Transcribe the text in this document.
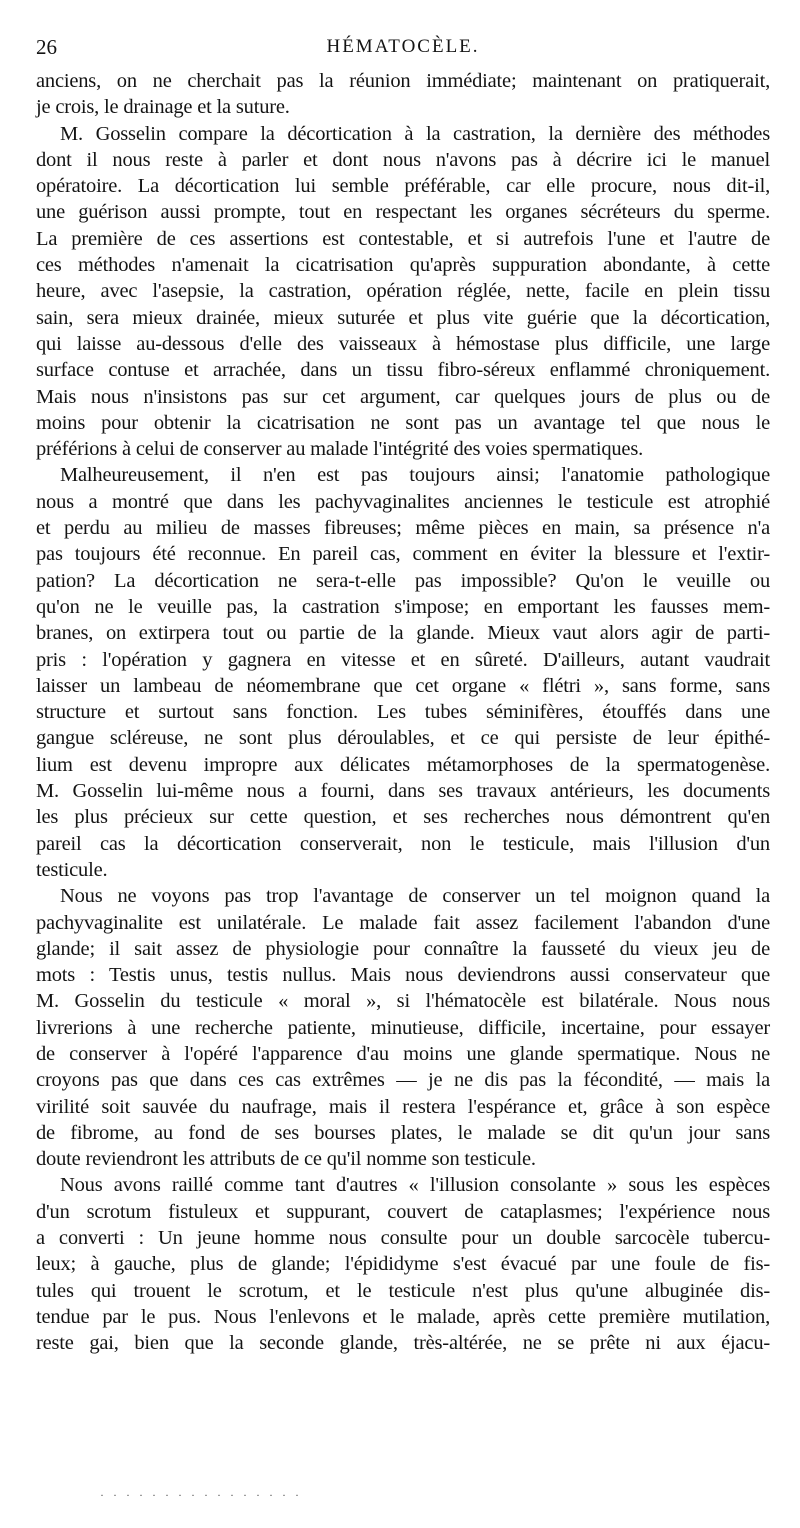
26	HÉMATOCÈLE.
anciens, on ne cherchait pas la réunion immédiate; maintenant on pratiquerait,
je crois, le drainage et la suture.
M. Gosselin compare la décortication à la castration, la dernière des méthodes
dont il nous reste à parler et dont nous n'avons pas à décrire ici le manuel
opératoire. La décortication lui semble préférable, car elle procure, nous dit-il,
une guérison aussi prompte, tout en respectant les organes sécréteurs du sperme.
La première de ces assertions est contestable, et si autrefois l'une et l'autre de
ces méthodes n'amenait la cicatrisation qu'après suppuration abondante, à cette
heure, avec l'asepsie, la castration, opération réglée, nette, facile en plein tissu
sain, sera mieux drainée, mieux suturée et plus vite guérie que la décortication,
qui laisse au-dessous d'elle des vaisseaux à hémostase plus difficile, une large
surface contuse et arrachée, dans un tissu fibro-séreux enflammé chroniquement.
Mais nous n'insistons pas sur cet argument, car quelques jours de plus ou de
moins pour obtenir la cicatrisation ne sont pas un avantage tel que nous le
préférions à celui de conserver au malade l'intégrité des voies spermatiques.
Malheureusement, il n'en est pas toujours ainsi; l'anatomie pathologique
nous a montré que dans les pachyvaginalites anciennes le testicule est atrophié
et perdu au milieu de masses fibreuses; même pièces en main, sa présence n'a
pas toujours été reconnue. En pareil cas, comment en éviter la blessure et l'extir-
pation? La décortication ne sera-t-elle pas impossible? Qu'on le veuille ou
qu'on ne le veuille pas, la castration s'impose; en emportant les fausses mem-
branes, on extirpera tout ou partie de la glande. Mieux vaut alors agir de parti-
pris : l'opération y gagnera en vitesse et en sûreté. D'ailleurs, autant vaudrait
laisser un lambeau de néomembrane que cet organe « flétri », sans forme, sans
structure et surtout sans fonction. Les tubes séminifères, étouffés dans une
gangue scléreuse, ne sont plus déroulables, et ce qui persiste de leur épithé-
lium est devenu impropre aux délicates métamorphoses de la spermatogenèse.
M. Gosselin lui-même nous a fourni, dans ses travaux antérieurs, les documents
les plus précieux sur cette question, et ses recherches nous démontrent qu'en
pareil cas la décortication conserverait, non le testicule, mais l'illusion d'un
testicule.
Nous ne voyons pas trop l'avantage de conserver un tel moignon quand la
pachyvaginalite est unilatérale. Le malade fait assez facilement l'abandon d'une
glande; il sait assez de physiologie pour connaître la fausseté du vieux jeu de
mots : Testis unus, testis nullus. Mais nous deviendrons aussi conservateur que
M. Gosselin du testicule « moral », si l'hématocèle est bilatérale. Nous nous
livrerions à une recherche patiente, minutieuse, difficile, incertaine, pour essayer
de conserver à l'opéré l'apparence d'au moins une glande spermatique. Nous ne
croyons pas que dans ces cas extrêmes — je ne dis pas la fécondité, — mais la
virilité soit sauvée du naufrage, mais il restera l'espérance et, grâce à son espèce
de fibrome, au fond de ses bourses plates, le malade se dit qu'un jour sans
doute reviendront les attributs de ce qu'il nomme son testicule.
Nous avons raillé comme tant d'autres « l'illusion consolante » sous les espèces
d'un scrotum fistuleux et suppurant, couvert de cataplasmes; l'expérience nous
a converti : Un jeune homme nous consulte pour un double sarcocèle tubercu-
leux; à gauche, plus de glande; l'épididyme s'est évacué par une foule de fis-
tules qui trouent le scrotum, et le testicule n'est plus qu'une albuginée dis-
tendue par le pus. Nous l'enlevons et le malade, après cette première mutilation,
reste gai, bien que la seconde glande, très-altérée, ne se prête ni aux éjacu-
· · · · · · · · · · · · · · · ·
